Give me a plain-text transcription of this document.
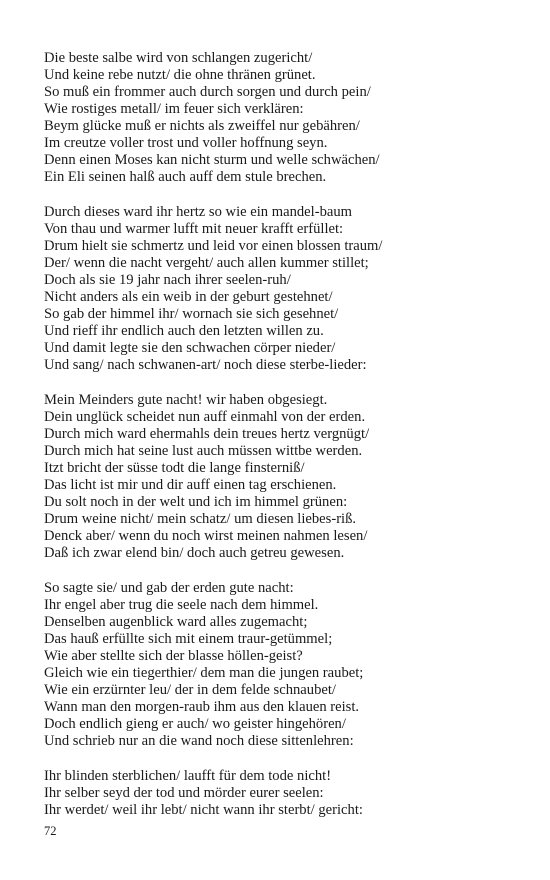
Die beste salbe wird von schlangen zugericht/
Und keine rebe nutzt/ die ohne thränen grünet.
So muß ein frommer auch durch sorgen und durch pein/
Wie rostiges metall/ im feuer sich verklären:
Beym glücke muß er nichts als zweiffel nur gebähren/
Im creutze voller trost und voller hoffnung seyn.
Denn einen Moses kan nicht sturm und welle schwächen/
Ein Eli seinen halß auch auff dem stule brechen.
Durch dieses ward ihr hertz so wie ein mandel-baum
Von thau und warmer lufft mit neuer krafft erfüllet:
Drum hielt sie schmertz und leid vor einen blossen traum/
Der/ wenn die nacht vergeht/ auch allen kummer stillet;
Doch als sie 19 jahr nach ihrer seelen-ruh/
Nicht anders als ein weib in der geburt gestehnet/
So gab der himmel ihr/ wornach sie sich gesehnet/
Und rieff ihr endlich auch den letzten willen zu.
Und damit legte sie den schwachen cörper nieder/
Und sang/ nach schwanen-art/ noch diese sterbe-lieder:
Mein Meinders gute nacht! wir haben obgesiegt.
Dein unglück scheidet nun auff einmahl von der erden.
Durch mich ward ehermahls dein treues hertz vergnügt/
Durch mich hat seine lust auch müssen wittbe werden.
Itzt bricht der süsse todt die lange finsterniß/
Das licht ist mir und dir auff einen tag erschienen.
Du solt noch in der welt und ich im himmel grünen:
Drum weine nicht/ mein schatz/ um diesen liebes-riß.
Denck aber/ wenn du noch wirst meinen nahmen lesen/
Daß ich zwar elend bin/ doch auch getreu gewesen.
So sagte sie/ und gab der erden gute nacht:
Ihr engel aber trug die seele nach dem himmel.
Denselben augenblick ward alles zugemacht;
Das hauß erfüllte sich mit einem traur-getümmel;
Wie aber stellte sich der blasse höllen-geist?
Gleich wie ein tiegerthier/ dem man die jungen raubet;
Wie ein erzürnter leu/ der in dem felde schnaubet/
Wann man den morgen-raub ihm aus den klauen reist.
Doch endlich gieng er auch/ wo geister hingehören/
Und schrieb nur an die wand noch diese sittenlehren:
Ihr blinden sterblichen/ laufft für dem tode nicht!
Ihr selber seyd der tod und mörder eurer seelen:
Ihr werdet/ weil ihr lebt/ nicht wann ihr sterbt/ gericht:
72
